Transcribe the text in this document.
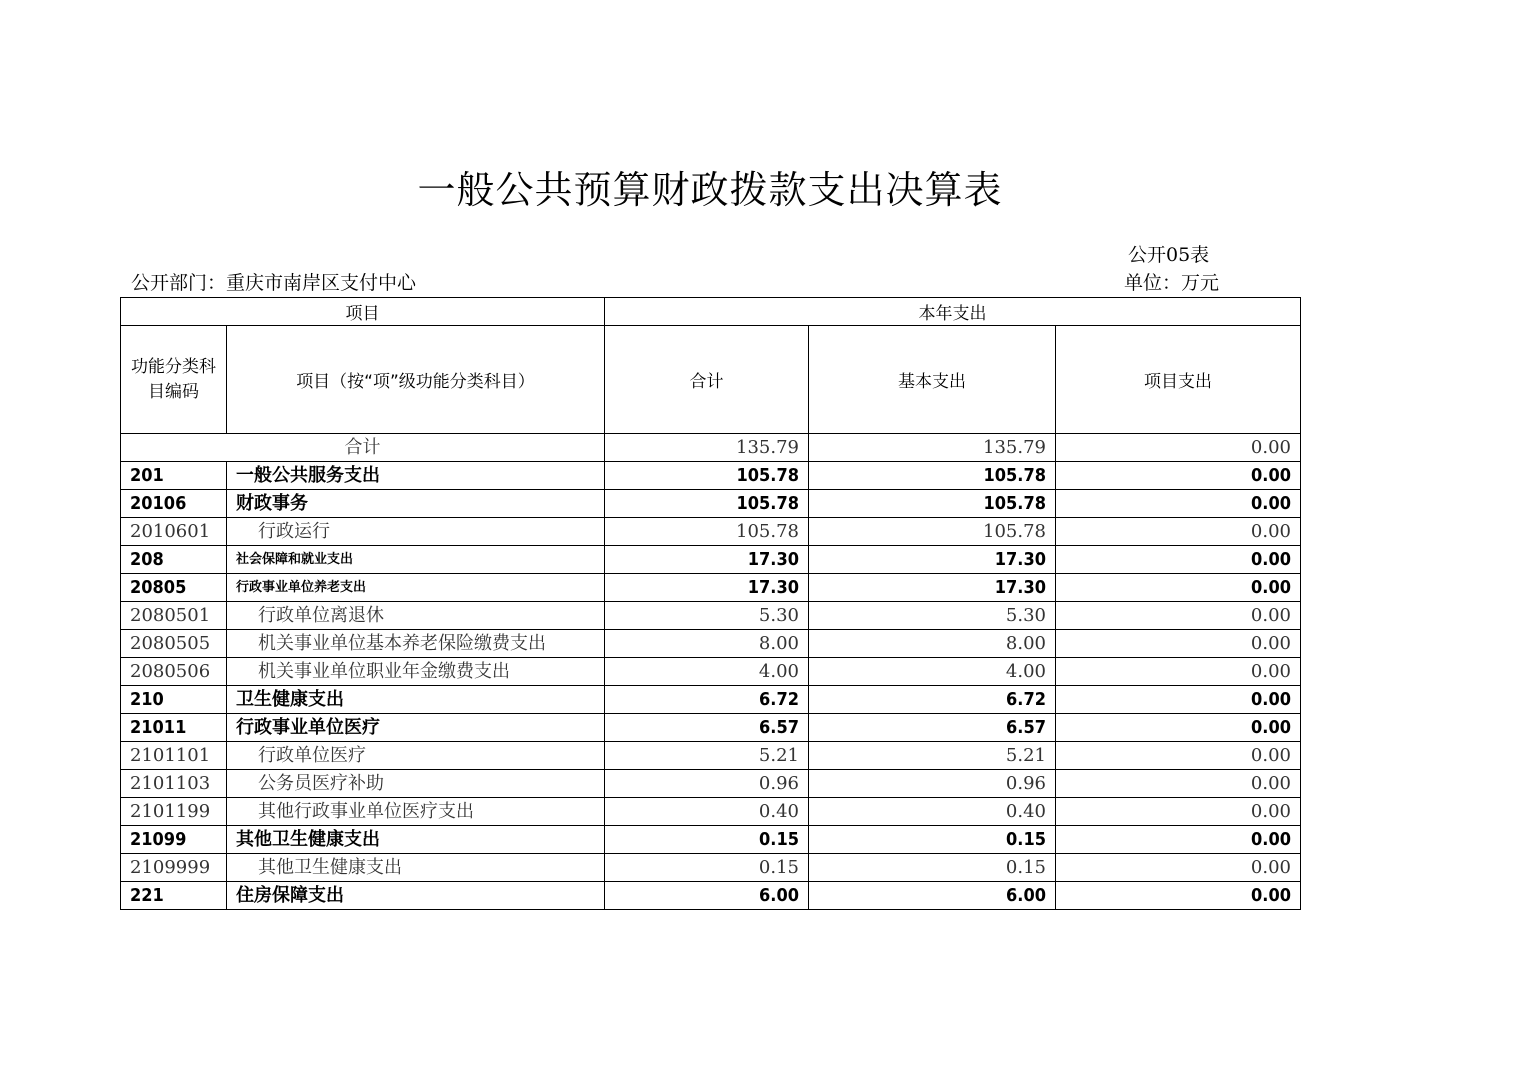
一般公共预算财政拨款支出决算表
公开05表
公开部门：重庆市南岸区支付中心	单位：万元
项目		本年支出		
功能分类科目编码	项目（按“项”级功能分类科目）	合计	基本支出	项目支出
合计		135.79	135.79	0.00
201	一般公共服务支出	105.78	105.78	0.00
20106	财政事务	105.78	105.78	0.00
2010601	行政运行	105.78	105.78	0.00
208	社会保障和就业支出	17.30	17.30	0.00
20805	行政事业单位养老支出	17.30	17.30	0.00
2080501	行政单位离退休	5.30	5.30	0.00
2080505	机关事业单位基本养老保险缴费支出	8.00	8.00	0.00
2080506	机关事业单位职业年金缴费支出	4.00	4.00	0.00
210	卫生健康支出	6.72	6.72	0.00
21011	行政事业单位医疗	6.57	6.57	0.00
2101101	行政单位医疗	5.21	5.21	0.00
2101103	公务员医疗补助	0.96	0.96	0.00
2101199	其他行政事业单位医疗支出	0.40	0.40	0.00
21099	其他卫生健康支出	0.15	0.15	0.00
2109999	其他卫生健康支出	0.15	0.15	0.00
221	住房保障支出	6.00	6.00	0.00
